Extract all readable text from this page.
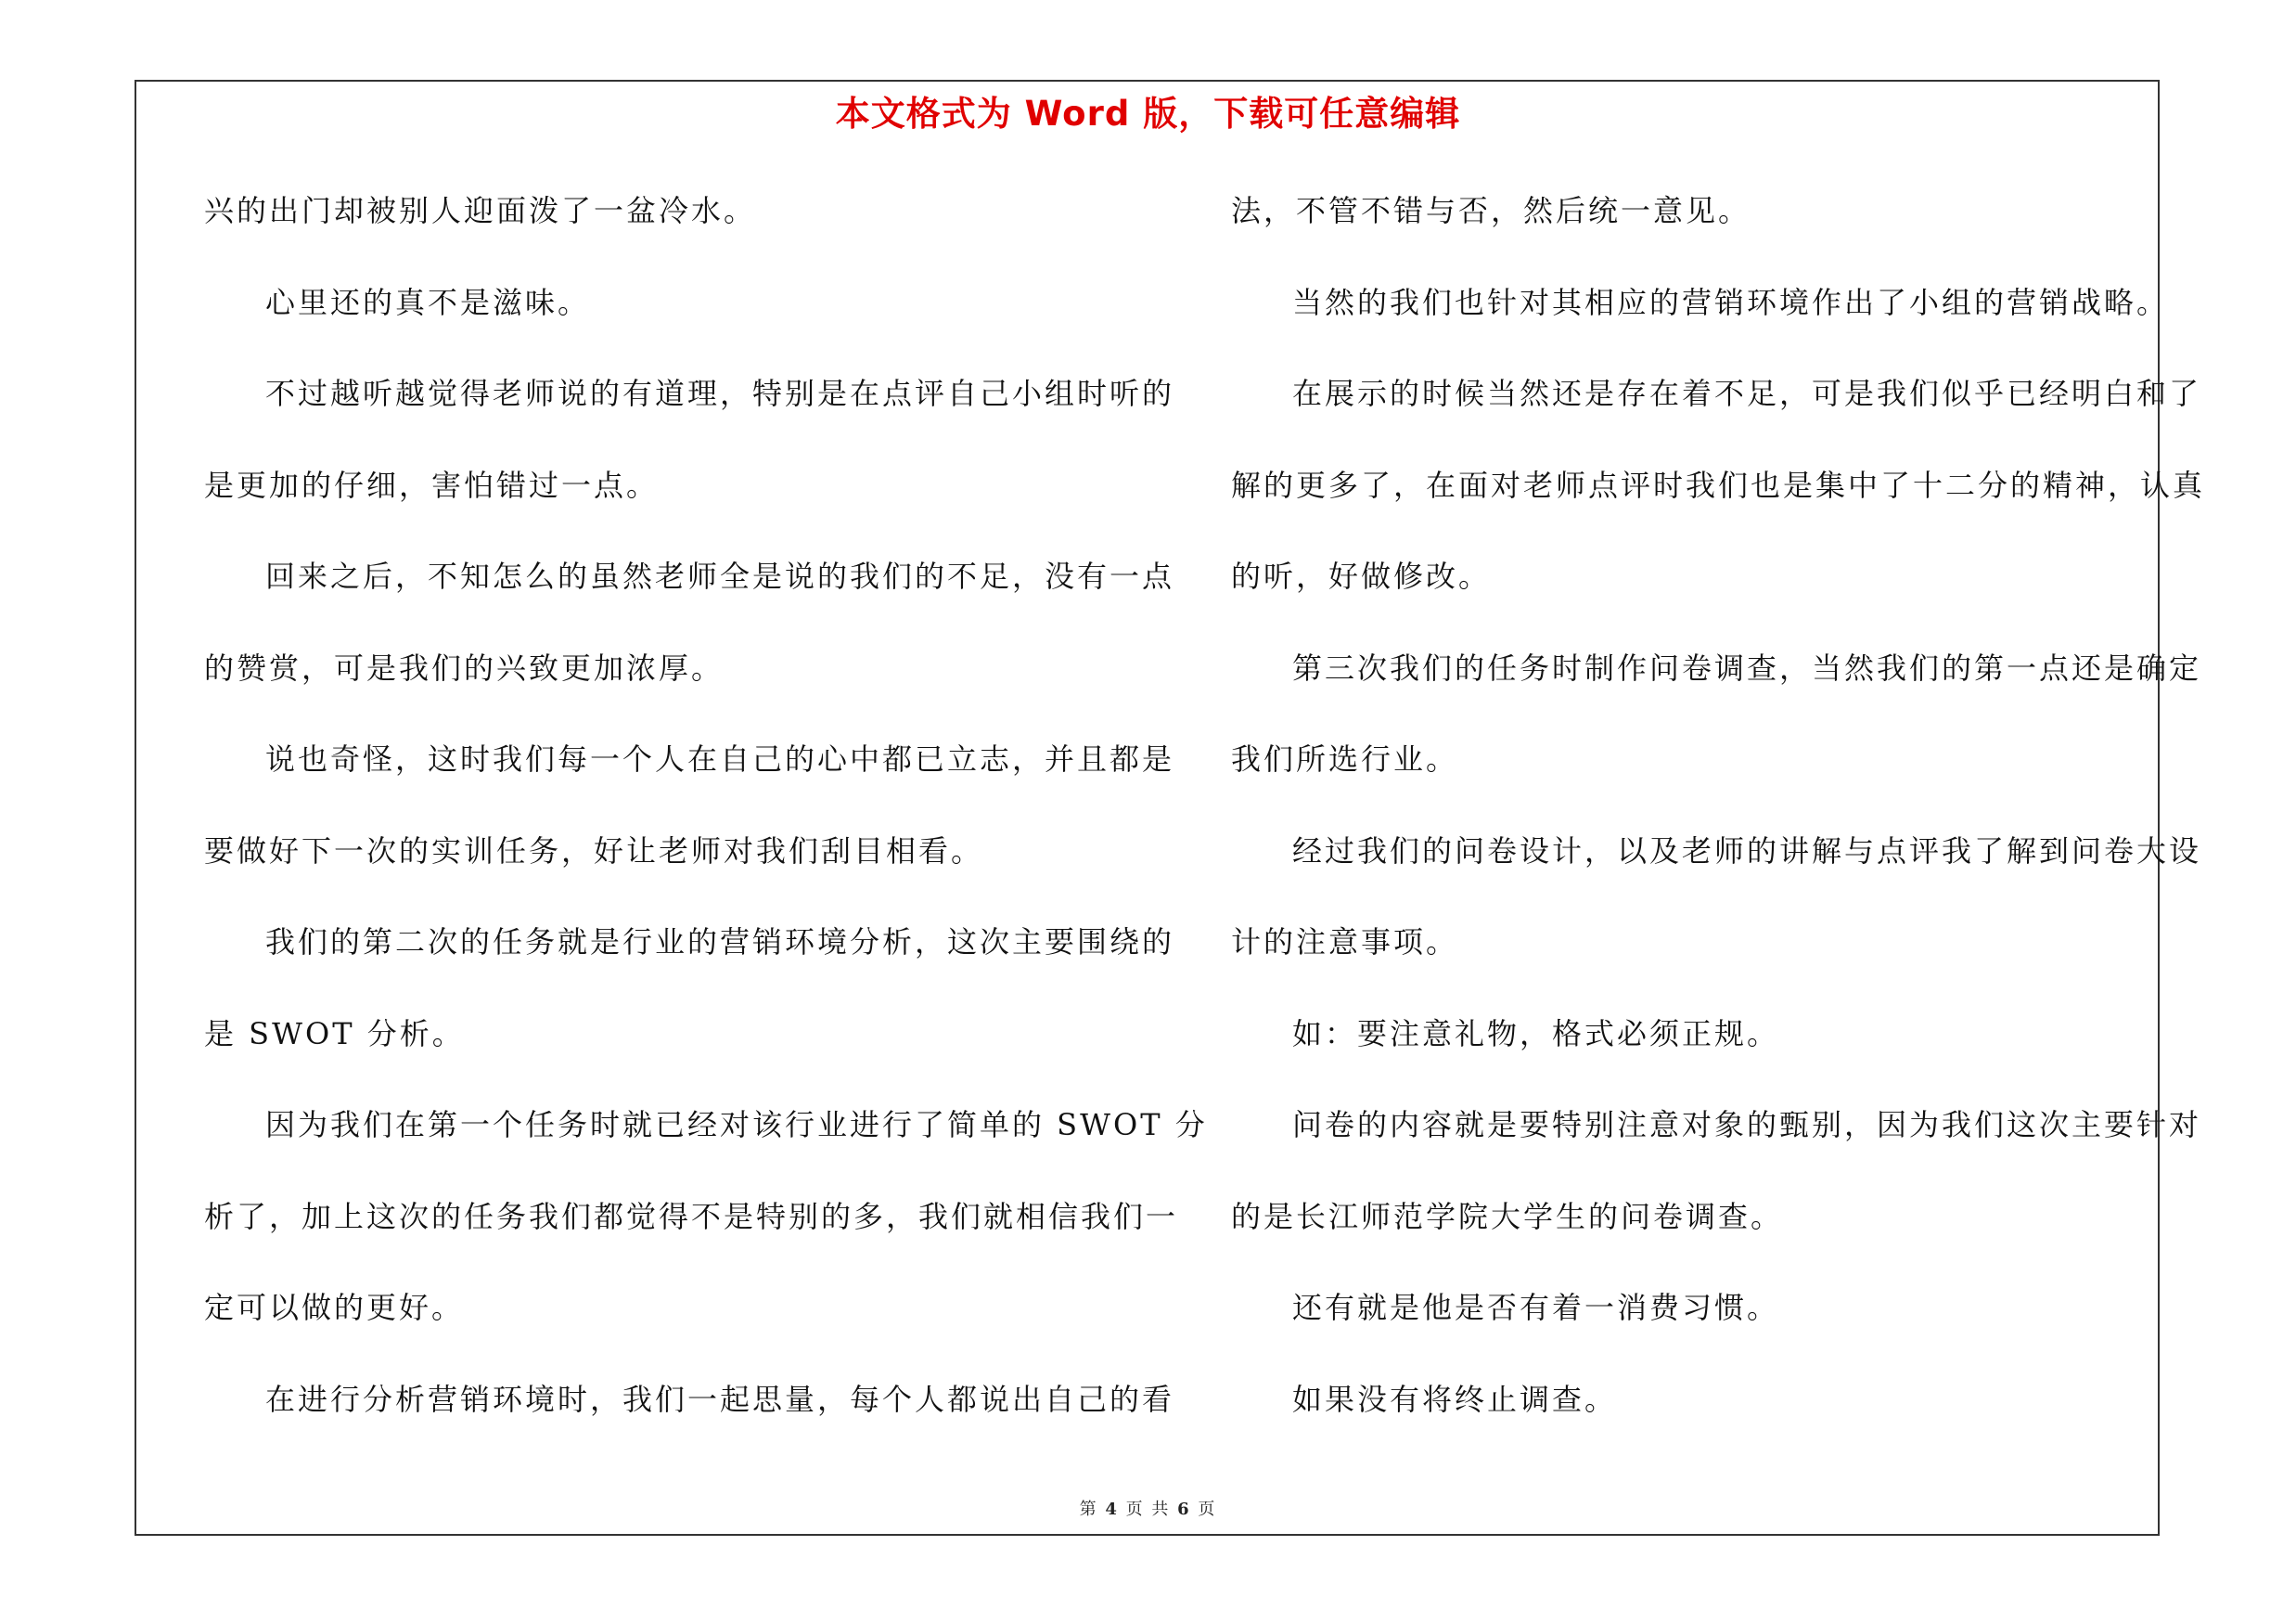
本文格式为 Word 版，下载可任意编辑
兴的出门却被别人迎面泼了一盆冷水。
心里还的真不是滋味。
不过越听越觉得老师说的有道理，特别是在点评自己小组时听的
是更加的仔细，害怕错过一点。
回来之后，不知怎么的虽然老师全是说的我们的不足，没有一点
的赞赏，可是我们的兴致更加浓厚。
说也奇怪，这时我们每一个人在自己的心中都已立志，并且都是
要做好下一次的实训任务，好让老师对我们刮目相看。
我们的第二次的任务就是行业的营销环境分析，这次主要围绕的
是 SWOT 分析。
因为我们在第一个任务时就已经对该行业进行了简单的 SWOT 分
析了，加上这次的任务我们都觉得不是特别的多，我们就相信我们一
定可以做的更好。
在进行分析营销环境时，我们一起思量，每个人都说出自己的看
法，不管不错与否，然后统一意见。
当然的我们也针对其相应的营销环境作出了小组的营销战略。
在展示的时候当然还是存在着不足，可是我们似乎已经明白和了
解的更多了，在面对老师点评时我们也是集中了十二分的精神，认真
的听，好做修改。
第三次我们的任务时制作问卷调查，当然我们的第一点还是确定
我们所选行业。
经过我们的问卷设计，以及老师的讲解与点评我了解到问卷大设
计的注意事项。
如：要注意礼物，格式必须正规。
问卷的内容就是要特别注意对象的甄别，因为我们这次主要针对
的是长江师范学院大学生的问卷调查。
还有就是他是否有着一消费习惯。
如果没有将终止调查。
第 4 页 共 6 页
